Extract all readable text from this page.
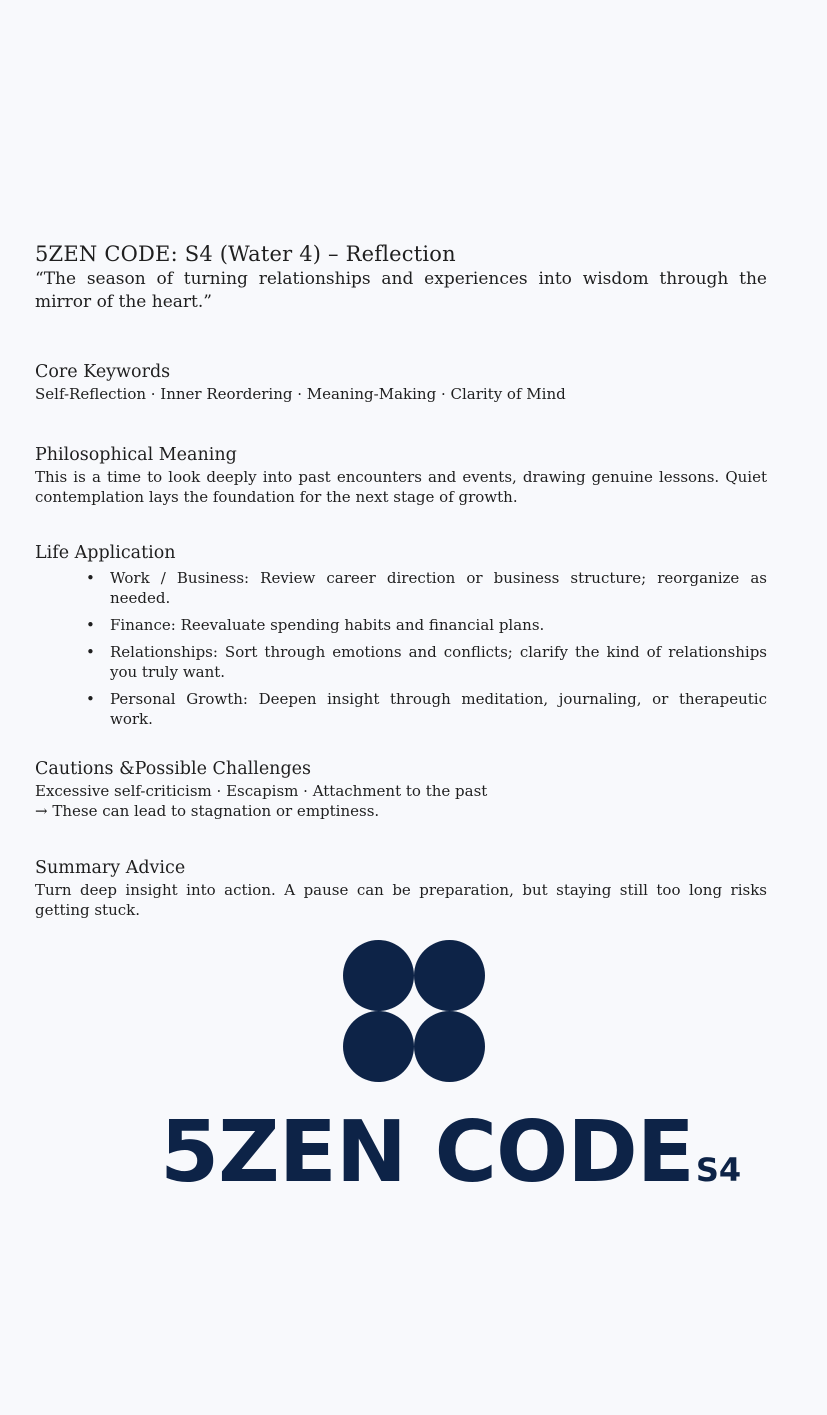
5ZEN CODE: S4 (Water 4) – Reflection

“The season of turning relationships and experiences into wisdom through the mirror of the heart.”

Core Keywords

Self-Reflection · Inner Reordering · Meaning-Making · Clarity of Mind

Philosophical Meaning

This is a time to look deeply into past encounters and events, drawing genuine lessons. Quiet contemplation lays the foundation for the next stage of growth.

Life Application
• Work / Business: Review career direction or business structure; reorganize as needed.
• Finance: Reevaluate spending habits and financial plans.
• Relationships: Sort through emotions and conflicts; clarify the kind of relationships you truly want.
• Personal Growth: Deepen insight through meditation, journaling, or therapeutic work.
Cautions &Possible Challenges

Excessive self-criticism · Escapism · Attachment to the past

→ These can lead to stagnation or emptiness.

Summary Advice

Turn deep insight into action. A pause can be preparation, but staying still too long risks getting stuck.

5ZEN CODES4
